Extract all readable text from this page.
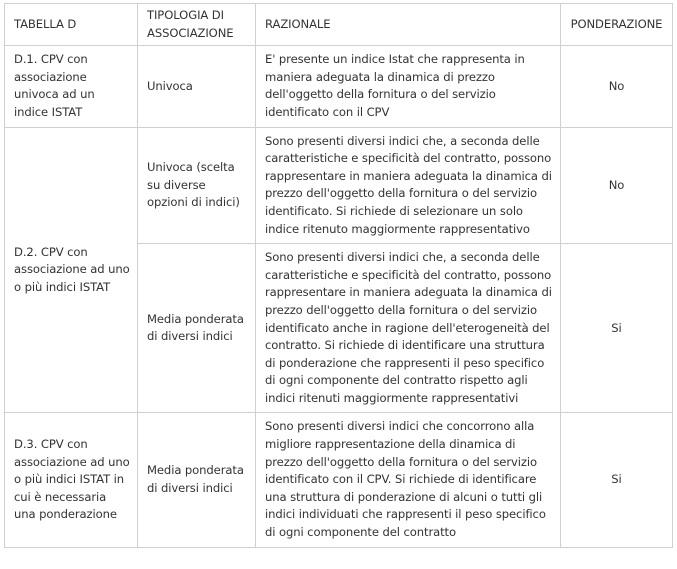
TABELLA D	TIPOLOGIA DI ASSOCIAZIONE	RAZIONALE	PONDERAZIONE
D.1. CPV con associazione univoca ad un indice ISTAT	Univoca	E' presente un indice Istat che rappresenta in maniera adeguata la dinamica di prezzo dell'oggetto della fornitura o del servizio identificato con il CPV	No
D.2. CPV con associazione ad uno o più indici ISTAT	Univoca (scelta su diverse opzioni di indici)	Sono presenti diversi indici che, a seconda delle caratteristiche e specificità del contratto, possono rappresentare in maniera adeguata la dinamica di prezzo dell'oggetto della fornitura o del servizio identificato. Si richiede di selezionare un solo indice ritenuto maggiormente rappresentativo	No
	Media ponderata di diversi indici	Sono presenti diversi indici che, a seconda delle caratteristiche e specificità del contratto, possono rappresentare in maniera adeguata la dinamica di prezzo dell'oggetto della fornitura o del servizio identificato anche in ragione dell'eterogeneità del contratto. Si richiede di identificare una struttura di ponderazione che rappresenti il peso specifico di ogni componente del contratto rispetto agli indici ritenuti maggiormente rappresentativi	Si
D.3. CPV con associazione ad uno o più indici ISTAT in cui è necessaria una ponderazione	Media ponderata di diversi indici	Sono presenti diversi indici che concorrono alla migliore rappresentazione della dinamica di prezzo dell'oggetto della fornitura o del servizio identificato con il CPV. Si richiede di identificare una struttura di ponderazione di alcuni o tutti gli indici individuati che rappresenti il peso specifico di ogni componente del contratto	Si
